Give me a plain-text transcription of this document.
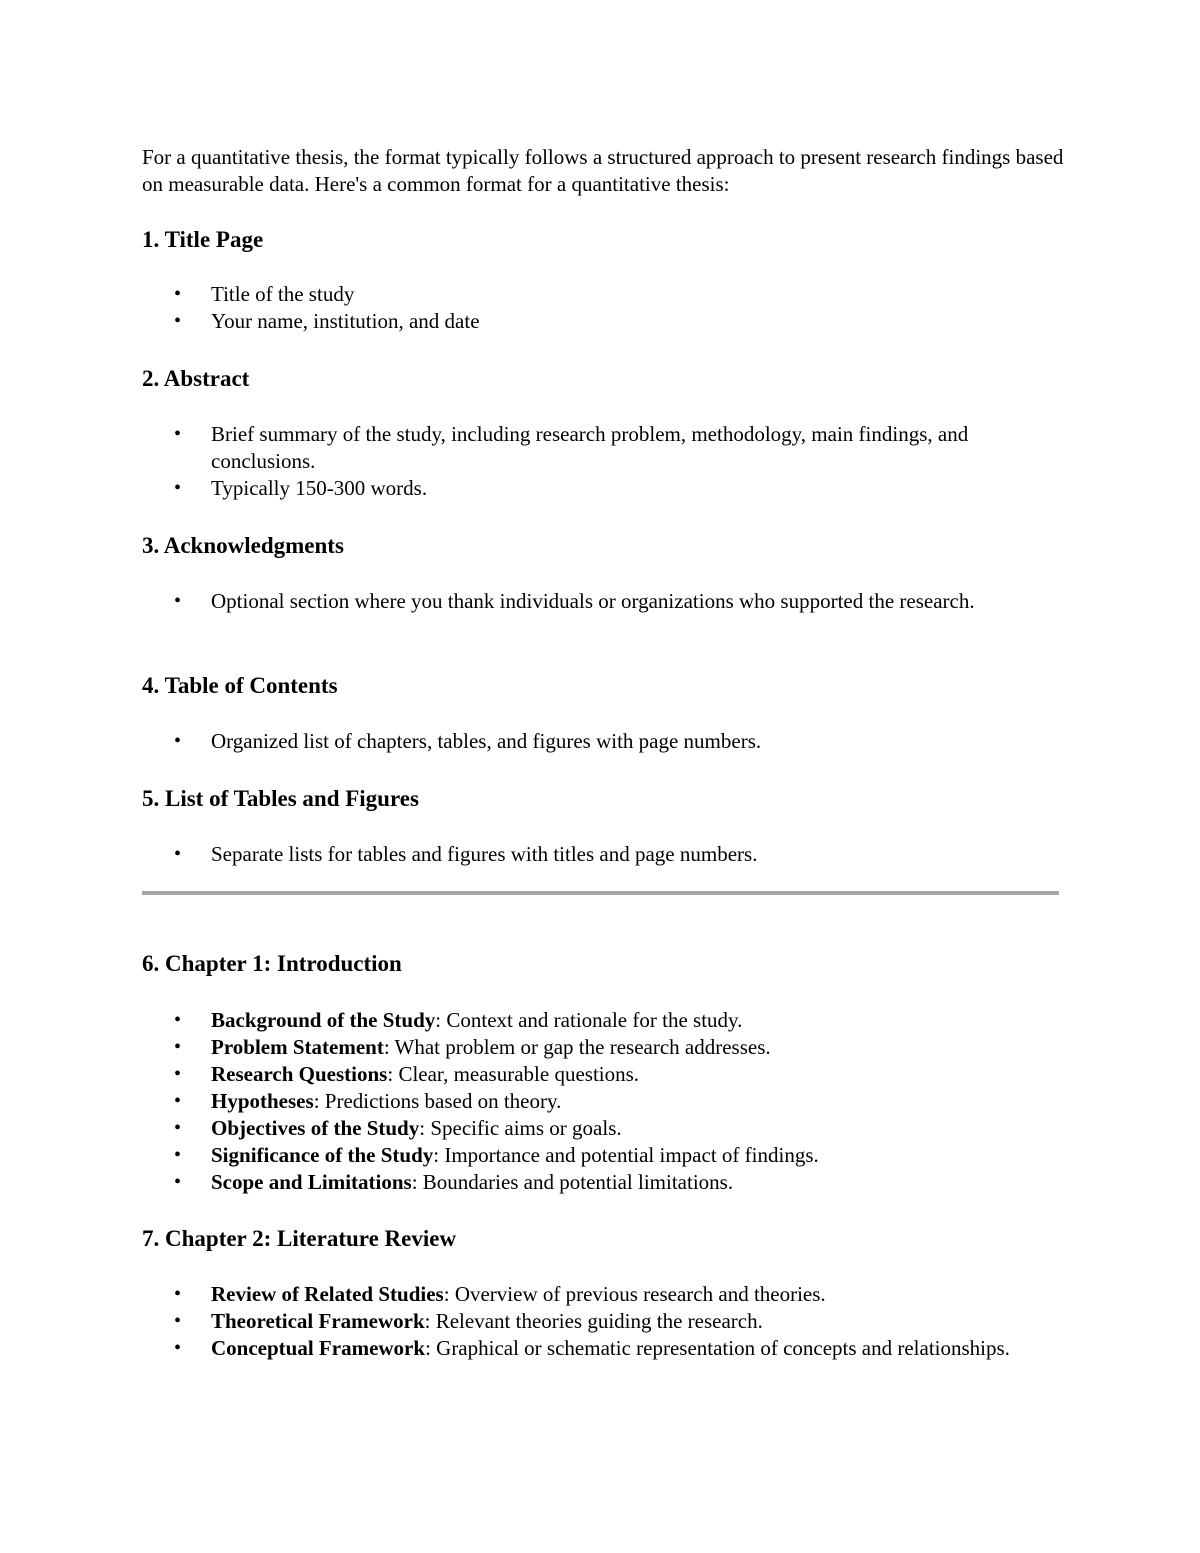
For a quantitative thesis, the format typically follows a structured approach to present research findings based on measurable data. Here's a common format for a quantitative thesis:

1. Title Page
• Title of the study
• Your name, institution, and date
2. Abstract
• Brief summary of the study, including research problem, methodology, main findings, and conclusions.
• Typically 150-300 words.
3. Acknowledgments
• Optional section where you thank individuals or organizations who supported the research.
4. Table of Contents
• Organized list of chapters, tables, and figures with page numbers.
5. List of Tables and Figures
• Separate lists for tables and figures with titles and page numbers.
6. Chapter 1: Introduction
• Background of the Study: Context and rationale for the study.
• Problem Statement: What problem or gap the research addresses.
• Research Questions: Clear, measurable questions.
• Hypotheses: Predictions based on theory.
• Objectives of the Study: Specific aims or goals.
• Significance of the Study: Importance and potential impact of findings.
• Scope and Limitations: Boundaries and potential limitations.
7. Chapter 2: Literature Review
• Review of Related Studies: Overview of previous research and theories.
• Theoretical Framework: Relevant theories guiding the research.
• Conceptual Framework: Graphical or schematic representation of concepts and relationships.
